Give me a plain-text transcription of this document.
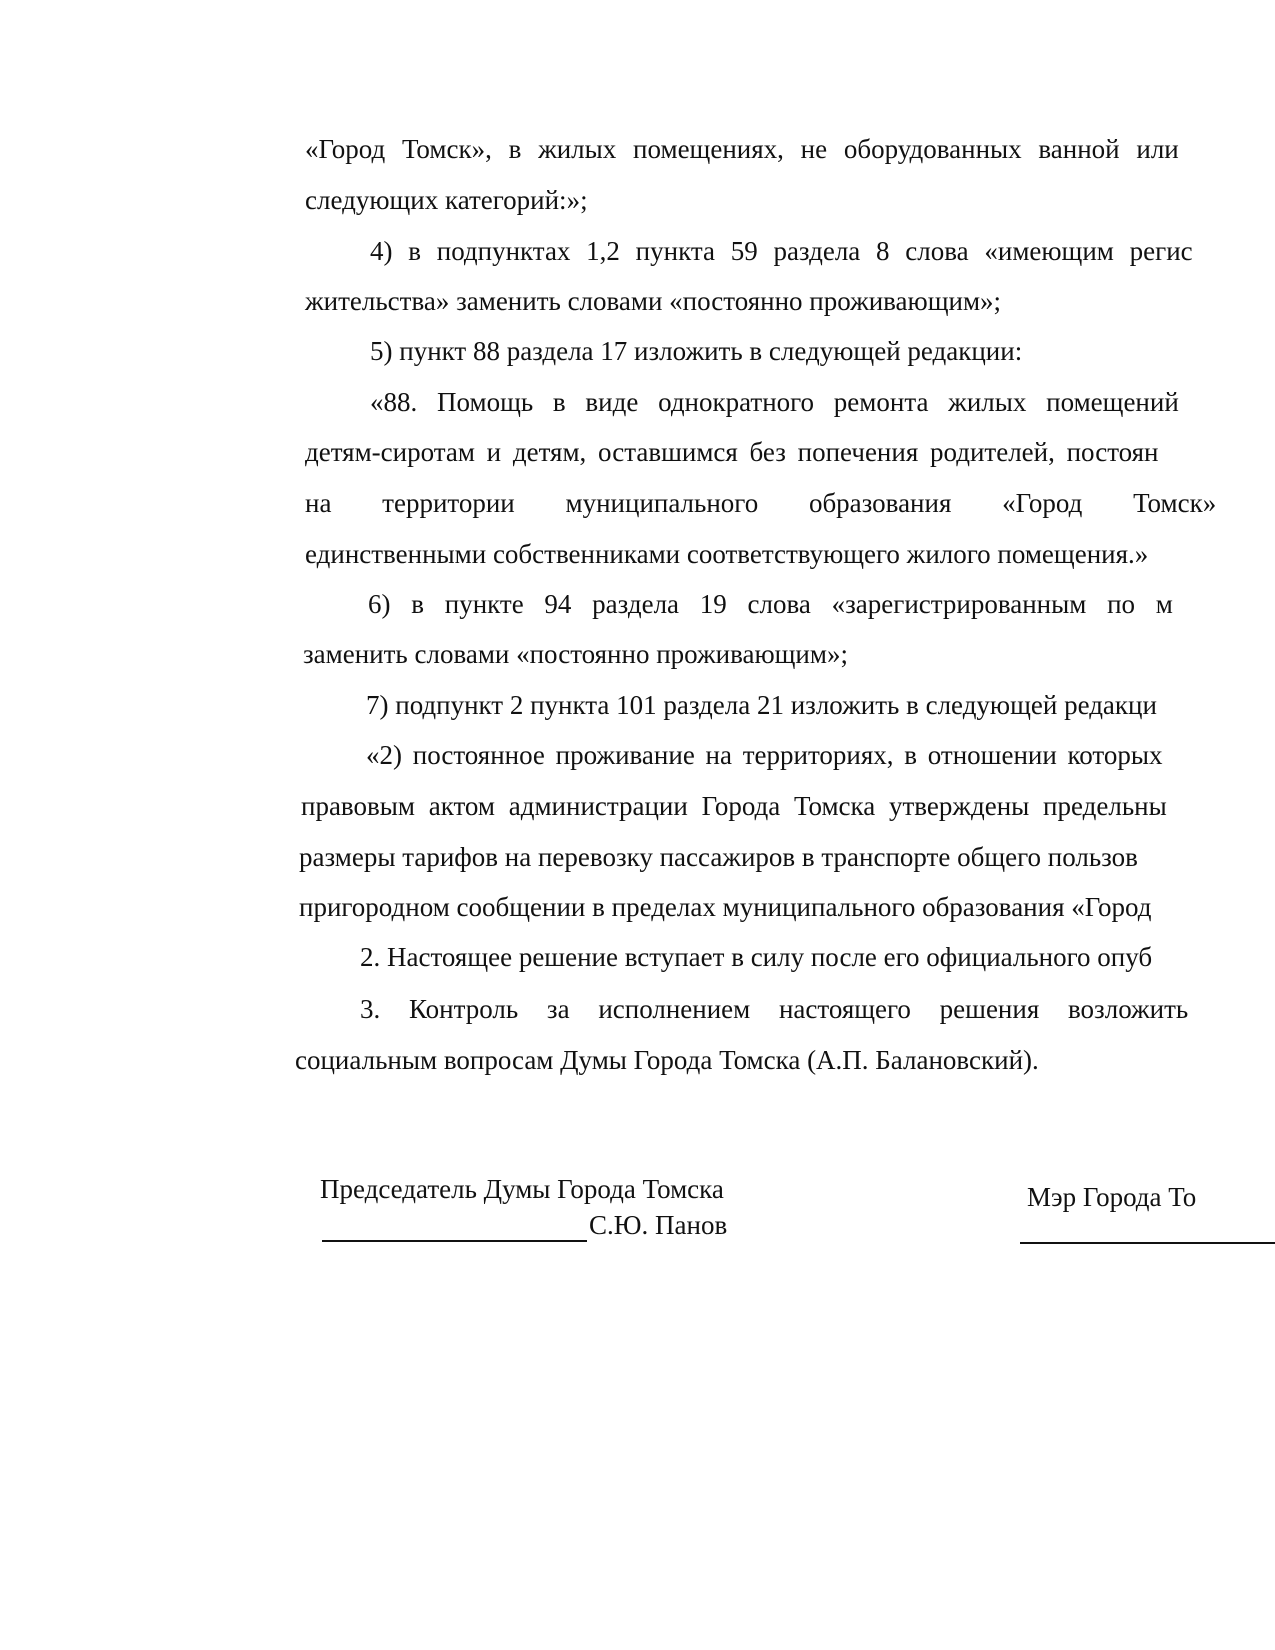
«Город Томск», в жилых помещениях, не оборудованных ванной или
следующих категорий:»;
4) в подпунктах 1,2 пункта 59 раздела 8 слова «имеющим регис
жительства» заменить словами «постоянно проживающим»;
5) пункт 88 раздела 17 изложить в следующей редакции:
«88. Помощь в виде однократного ремонта жилых помещений
детям-сиротам и детям, оставшимся без попечения родителей, постоян
на территории муниципального образования «Город Томск»
единственными собственниками соответствующего жилого помещения.»
6) в пункте 94 раздела 19 слова «зарегистрированным по м
заменить словами «постоянно проживающим»;
7) подпункт 2 пункта 101 раздела 21 изложить в следующей редакци
«2) постоянное проживание на территориях, в отношении которых
правовым актом администрации Города Томска утверждены предельны
размеры тарифов на перевозку пассажиров в транспорте общего пользов
пригородном сообщении в пределах муниципального образования «Город
2. Настоящее решение вступает в силу после его официального опуб
3. Контроль за исполнением настоящего решения возложить
социальным вопросам Думы Города Томска (А.П. Балановский).
Председатель Думы Города Томска
С.Ю. Панов
Мэр Города То
